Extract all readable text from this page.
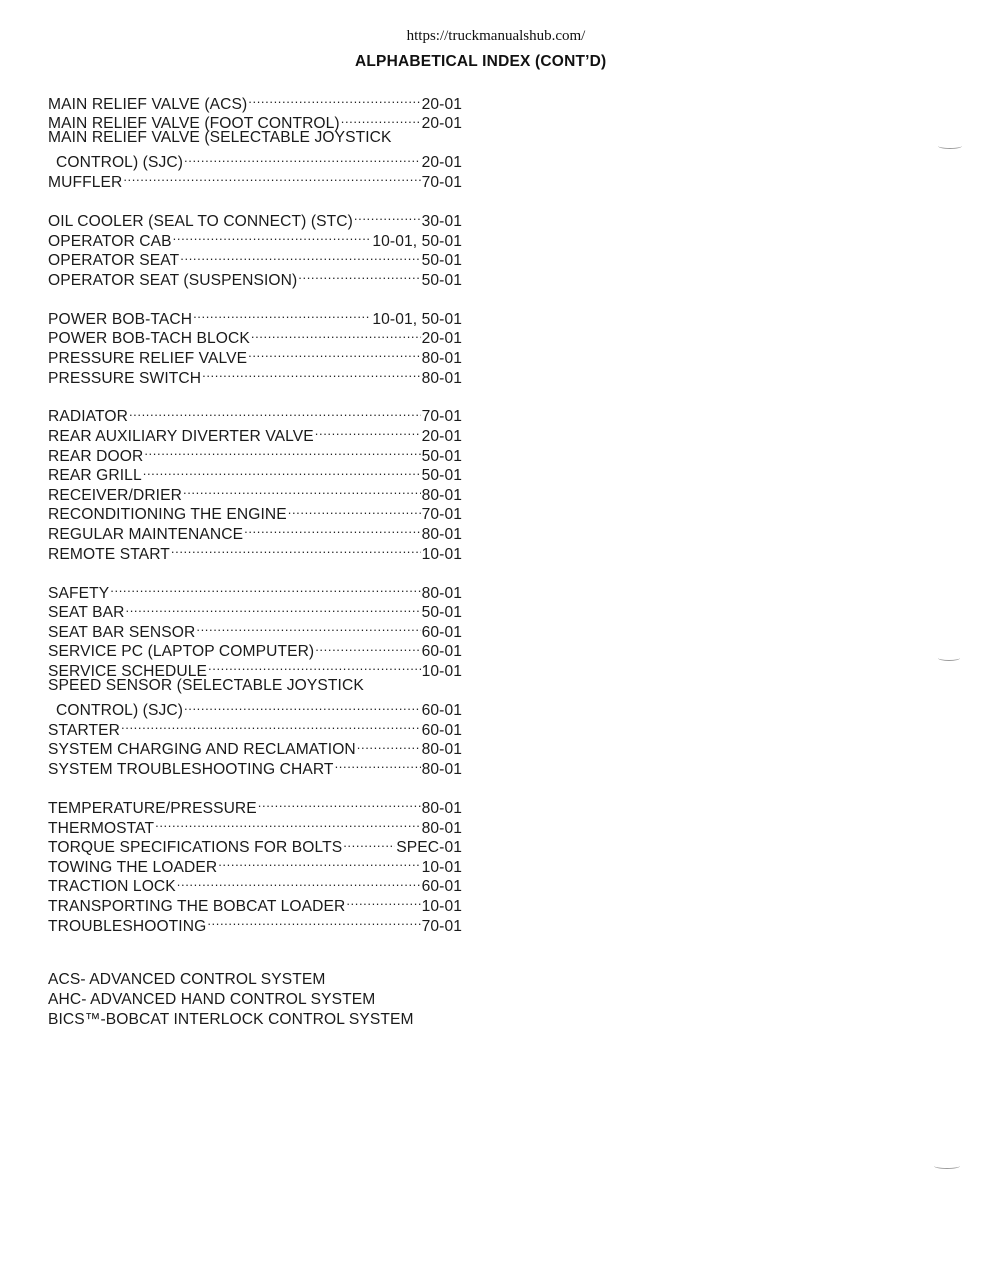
https://truckmanualshub.com/
ALPHABETICAL INDEX (CONT’D)
MAIN RELIEF VALVE (ACS) .....	20-01
MAIN RELIEF VALVE (FOOT CONTROL) .....	20-01
MAIN RELIEF VALVE (SELECTABLE JOYSTICK
CONTROL) (SJC) .....	20-01
MUFFLER .....	70-01
OIL COOLER (SEAL TO CONNECT) (STC) .....	30-01
OPERATOR CAB .....	10-01, 50-01
OPERATOR SEAT .....	50-01
OPERATOR SEAT (SUSPENSION) .....	50-01
POWER BOB-TACH .....	10-01, 50-01
POWER BOB-TACH BLOCK .....	20-01
PRESSURE RELIEF VALVE .....	80-01
PRESSURE SWITCH .....	80-01
RADIATOR .....	70-01
REAR AUXILIARY DIVERTER VALVE .....	20-01
REAR DOOR .....	50-01
REAR GRILL .....	50-01
RECEIVER/DRIER .....	80-01
RECONDITIONING THE ENGINE .....	70-01
REGULAR MAINTENANCE .....	80-01
REMOTE START .....	10-01
SAFETY .....	80-01
SEAT BAR .....	50-01
SEAT BAR SENSOR .....	60-01
SERVICE PC (LAPTOP COMPUTER) .....	60-01
SERVICE SCHEDULE .....	10-01
SPEED SENSOR (SELECTABLE JOYSTICK
CONTROL) (SJC) .....	60-01
STARTER .....	60-01
SYSTEM CHARGING AND RECLAMATION .....	80-01
SYSTEM TROUBLESHOOTING CHART .....	80-01
TEMPERATURE/PRESSURE .....	80-01
THERMOSTAT .....	80-01
TORQUE SPECIFICATIONS FOR BOLTS .....	SPEC-01
TOWING THE LOADER .....	10-01
TRACTION LOCK .....	60-01
TRANSPORTING THE BOBCAT LOADER .....	10-01
TROUBLESHOOTING .....	70-01
ACS- ADVANCED CONTROL SYSTEM
AHC- ADVANCED HAND CONTROL SYSTEM
BICS™-BOBCAT INTERLOCK CONTROL SYSTEM
